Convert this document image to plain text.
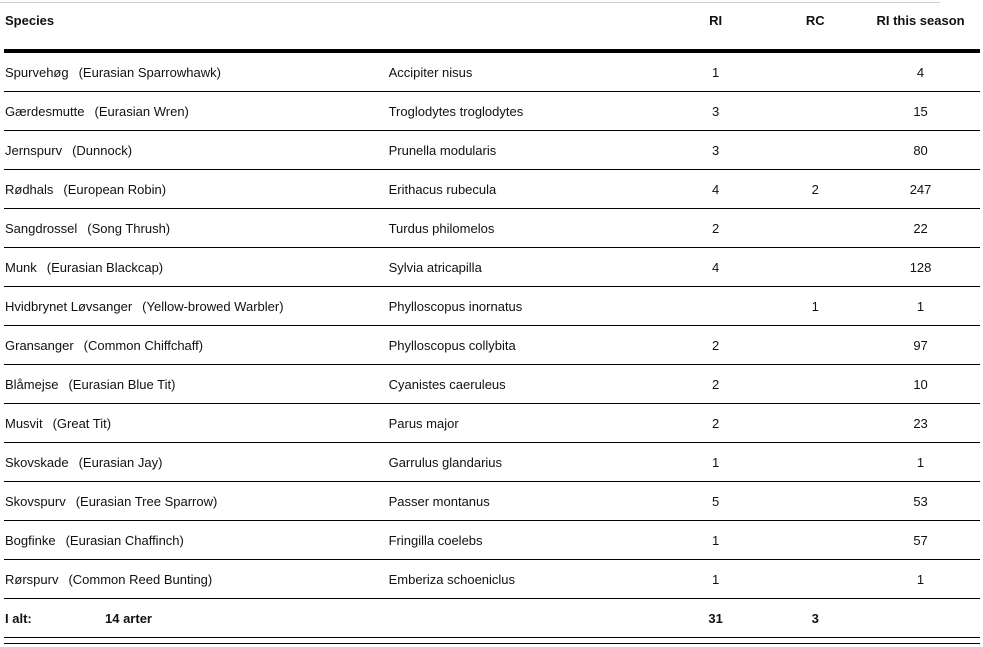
Species		RI	RC	RI this season
Spurvehøg (Eurasian Sparrowhawk)	Accipiter nisus	1		4
Gærdesmutte (Eurasian Wren)	Troglodytes troglodytes	3		15
Jernspurv (Dunnock)	Prunella modularis	3		80
Rødhals (European Robin)	Erithacus rubecula	4	2	247
Sangdrossel (Song Thrush)	Turdus philomelos	2		22
Munk (Eurasian Blackcap)	Sylvia atricapilla	4		128
Hvidbrynet Løvsanger (Yellow-browed Warbler)	Phylloscopus inornatus		1	1
Gransanger (Common Chiffchaff)	Phylloscopus collybita	2		97
Blåmejse (Eurasian Blue Tit)	Cyanistes caeruleus	2		10
Musvit (Great Tit)	Parus major	2		23
Skovskade (Eurasian Jay)	Garrulus glandarius	1		1
Skovspurv (Eurasian Tree Sparrow)	Passer montanus	5		53
Bogfinke (Eurasian Chaffinch)	Fringilla coelebs	1		57
Rørspurv (Common Reed Bunting)	Emberiza schoeniclus	1		1
I alt: 14 arter		31	3	
